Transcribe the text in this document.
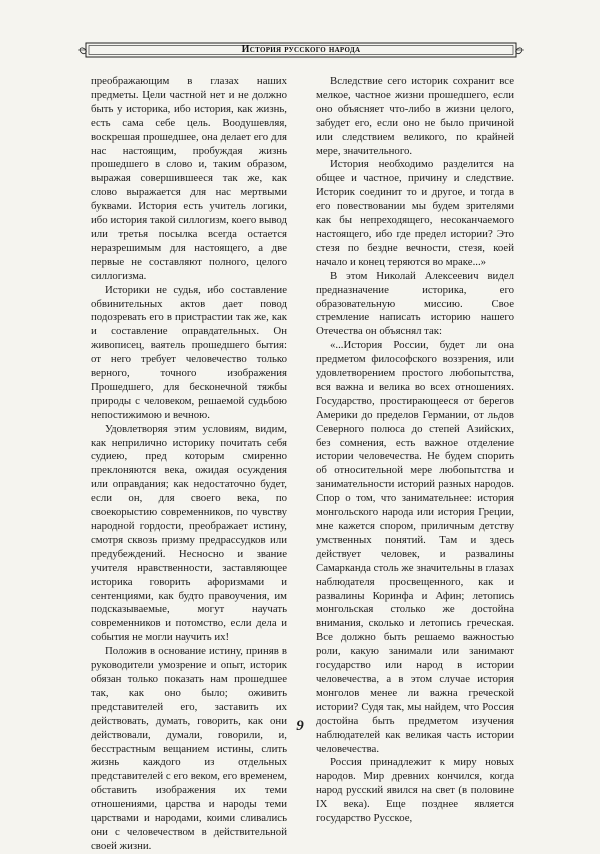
История русского народа

преображающим в глазах наших предметы. Цели частной нет и не должно быть у историка, ибо история, как жизнь, есть сама себе цель. Воодушевляя, воскрешая прошедшее, она делает его для нас настоящим, пробуждая жизнь прошедшего в слово и, таким образом, выражая совершившееся так же, как слово выражается для нас мертвыми буквами. История есть учитель логики, ибо история такой силлогизм, коего вывод или третья посылка всегда остается неразрешимым для настоящего, а две первые не составляют полного, целого силлогизма.

Историки не судья, ибо составление обвинительных актов дает повод подозревать его в пристрастии так же, как и составление оправдательных. Он живописец, ваятель прошедшего бытия: от него требует человечество только верного, точного изображения Прошедшего, для бесконечной тяжбы природы с человеком, решаемой судьбою непостижимою и вечною.

Удовлетворяя этим условиям, видим, как неприлично историку почитать себя судиею, пред которым смиренно преклоняются века, ожидая осуждения или оправдания; как недостаточно будет, если он, для своего века, по своекорыстию современников, по чувству народной гордости, преображает истину, смотря сквозь призму предрассудков или предубеждений. Несносно и звание учителя нравственности, заставляющее историка говорить афоризмами и сентенциями, как будто правоучения, им подсказываемые, могут научать современников и потомство, если дела и события не могли научить их!

Положив в основание истину, приняв в руководители умозрение и опыт, историк обязан только показать нам прошедшее так, как оно было; оживить представителей его, заставить их действовать, думать, говорить, как они действовали, думали, говорили, и, бесстрастным вещанием истины, слить жизнь каждого из отдельных представителей с его веком, его временем, обставить изображения их теми отношениями, царства и народы теми царствами и народами, коими сливались они с человечеством в действительной своей жизни.

Вследствие сего историк сохранит все мелкое, частное жизни прошедшего, если оно объясняет что-либо в жизни целого, забудет его, если оно не было причиной или следствием великого, по крайней мере, значительного.

История необходимо разделится на общее и частное, причину и следствие. Историк соединит то и другое, и тогда в его повествовании мы будем зрителями как бы непреходящего, несоканчаемого настоящего, ибо где предел истории? Это стезя по бездне вечности, стезя, коей начало и конец теряются во мраке...»

В этом Николай Алексеевич видел предназначение историка, его образовательную миссию. Свое стремление написать историю нашего Отечества он объяснял так:

«...История России, будет ли она предметом философского воззрения, или удовлетворением простого любопытства, вся важна и велика во всех отношениях. Государство, простирающееся от берегов Америки до пределов Германии, от льдов Северного полюса до степей Азийских, без сомнения, есть важное отделение истории человечества. Не будем спорить об относительной мере любопытства и занимательности историй разных народов. Спор о том, что занимательнее: история монгольского народа или история Греции, мне кажется спором, приличным детству умственных понятий. Там и здесь действует человек, и развалины Самарканда столь же значительны в глазах наблюдателя просвещенного, как и развалины Коринфа и Афин; летопись монгольская столько же достойна внимания, сколько и летопись греческая. Все должно быть решаемо важностью роли, какую занимали или занимают государство или народ в истории человечества, а в этом случае история монголов менее ли важна греческой истории? Судя так, мы найдем, что Россия достойна быть предметом изучения наблюдателей как великая часть истории человечества.

Россия принадлежит к миру новых народов. Мир древних кончился, когда народ русский явился на свет (в половине IX века). Еще позднее является государство Русское,

9
